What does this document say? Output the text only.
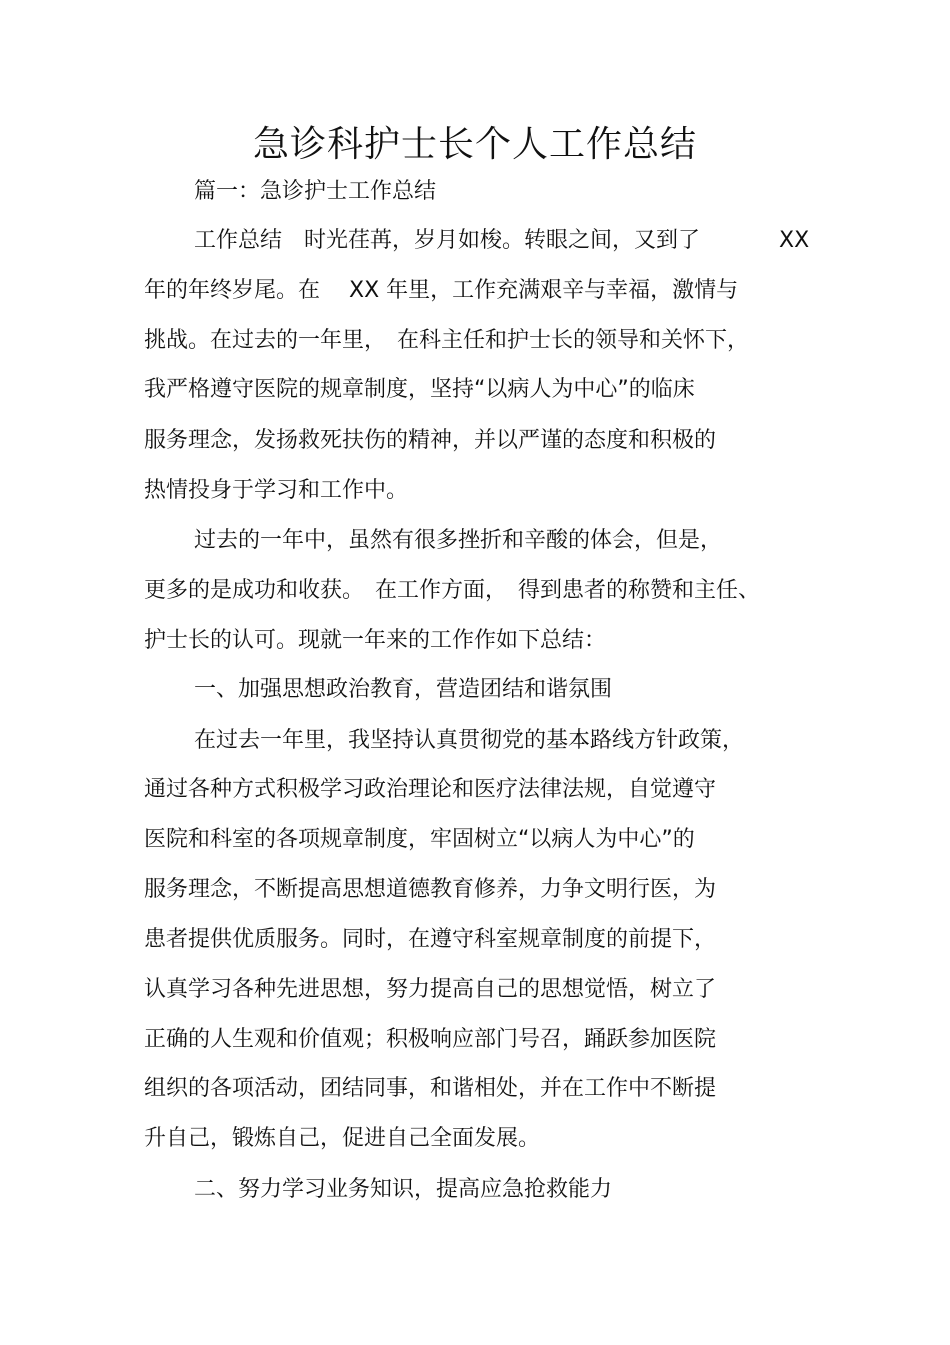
急诊科护士长个人工作总结
篇一：急诊护士工作总结
工作总结　时光荏苒，岁月如梭。转眼之间，又到了	XX
年的年终岁尾。在　 XX 年里，工作充满艰辛与幸福，激情与
挑战。在过去的一年里，　在科主任和护士长的领导和关怀下，
我严格遵守医院的规章制度，坚持“以病人为中心”的临床
服务理念，发扬救死扶伤的精神，并以严谨的态度和积极的
热情投身于学习和工作中。
过去的一年中，虽然有很多挫折和辛酸的体会，但是，
更多的是成功和收获。　在工作方面，　得到患者的称赞和主任、
护士长的认可。现就一年来的工作作如下总结：
一、加强思想政治教育，营造团结和谐氛围
在过去一年里，我坚持认真贯彻党的基本路线方针政策，
通过各种方式积极学习政治理论和医疗法律法规，自觉遵守
医院和科室的各项规章制度，牢固树立“以病人为中心”的
服务理念，不断提高思想道德教育修养，力争文明行医，为
患者提供优质服务。同时，在遵守科室规章制度的前提下，
认真学习各种先进思想，努力提高自己的思想觉悟，树立了
正确的人生观和价值观；积极响应部门号召，踊跃参加医院
组织的各项活动，团结同事，和谐相处，并在工作中不断提
升自己，锻炼自己，促进自己全面发展。
二、努力学习业务知识，提高应急抢救能力
